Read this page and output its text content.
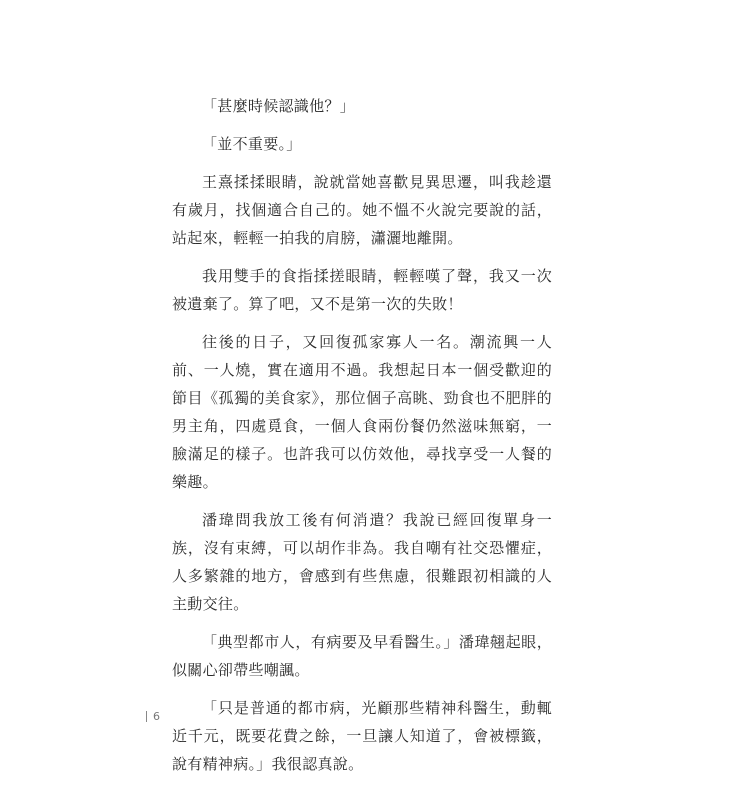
「甚麼時候認識他？」

「並不重要。」

王熹揉揉眼睛，說就當她喜歡見異思遷，叫我趁還有歲月，找個適合自己的。她不慍不火說完要說的話，站起來，輕輕一拍我的肩膀，瀟灑地離開。

我用雙手的食指揉搓眼睛，輕輕嘆了聲，我又一次被遺棄了。算了吧，又不是第一次的失敗！

往後的日子，又回復孤家寡人一名。潮流興一人前、一人燒，實在適用不過。我想起日本一個受歡迎的節目《孤獨的美食家》，那位個子高眺、勁食也不肥胖的男主角，四處覓食，一個人食兩份餐仍然滋味無窮，一臉滿足的樣子。也許我可以仿效他，尋找享受一人餐的樂趣。

潘瑋問我放工後有何消遣？我說已經回復單身一族，沒有束縛，可以胡作非為。我自嘲有社交恐懼症，人多繁雜的地方，會感到有些焦慮，很難跟初相識的人主動交往。

「典型都市人，有病要及早看醫生。」潘瑋翹起眼，似關心卻帶些嘲諷。

「只是普通的都市病，光顧那些精神科醫生，動輒近千元，既要花費之餘，一旦讓人知道了，會被標籤，說有精神病。」我很認真說。

6
